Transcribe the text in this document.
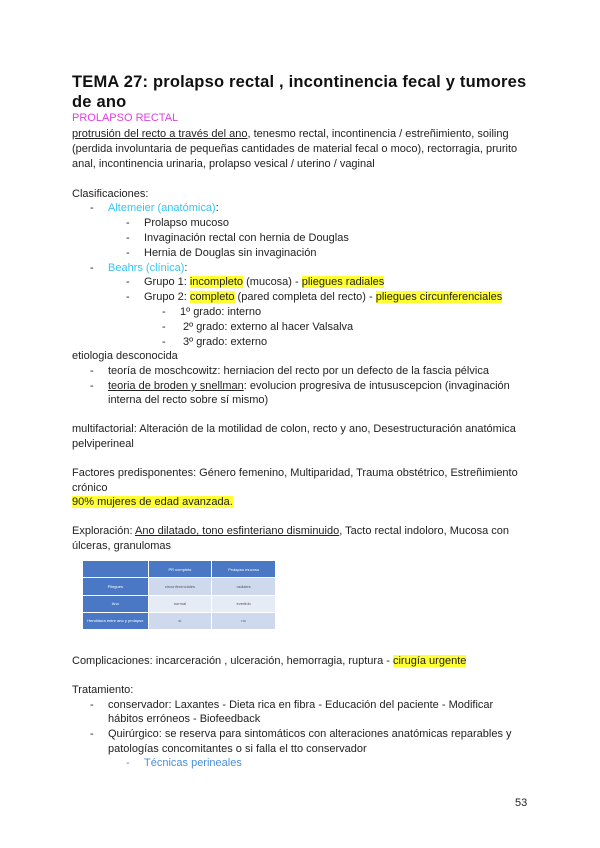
TEMA 27: prolapso rectal , incontinencia fecal y tumores de ano
PROLAPSO RECTAL
protrusión del recto a través del ano, tenesmo rectal, incontinencia / estreñimiento, soiling
(perdida involuntaria de pequeñas cantidades de material fecal o moco), rectorragia, prurito
anal, incontinencia urinaria, prolapso vesical / uterino / vaginal
Clasificaciones:
- Altemeier (anatómica):
- Prolapso mucoso
- Invaginación rectal con hernia de Douglas
- Hernia de Douglas sin invaginación
- Beahrs (clínica):
- Grupo 1: incompleto (mucosa) - pliegues radiales
- Grupo 2: completo (pared completa del recto) - pliegues circunferenciales
- 1º grado: interno
- 2º grado: externo al hacer Valsalva
- 3º grado: externo
etiologia desconocida
- teoría de moschcowitz: herniacion del recto por un defecto de la fascia pélvica
- teoria de broden y snellman: evolucion progresiva de intususcepcion (invaginación
interna del recto sobre sí mismo)
multifactorial: Alteración de la motilidad de colon, recto y ano, Desestructuración anatómica
pelviperineal
Factores predisponentes: Género femenino, Multiparidad, Trauma obstétrico, Estreñimiento
crónico
90% mujeres de edad avanzada.
Exploración: Ano dilatado, tono esfinteriano disminuido, Tacto rectal indoloro, Mucosa con
úlceras, granulomas
	PR completo	Prolapso mucoso
Pliegues	circunferenciales	radiales
Ano	normal	evertido
Hendidura entre ano y prolapso	sí	no
Complicaciones: incarceración , ulceración, hemorragia, ruptura - cirugía urgente
Tratamiento:
- conservador: Laxantes - Dieta rica en fibra - Educación del paciente - Modificar
hábitos erróneos - Biofeedback
- Quirúrgico: se reserva para sintomáticos con alteraciones anatómicas reparables y
patologías concomitantes o si falla el tto conservador
- Técnicas perineales
53
